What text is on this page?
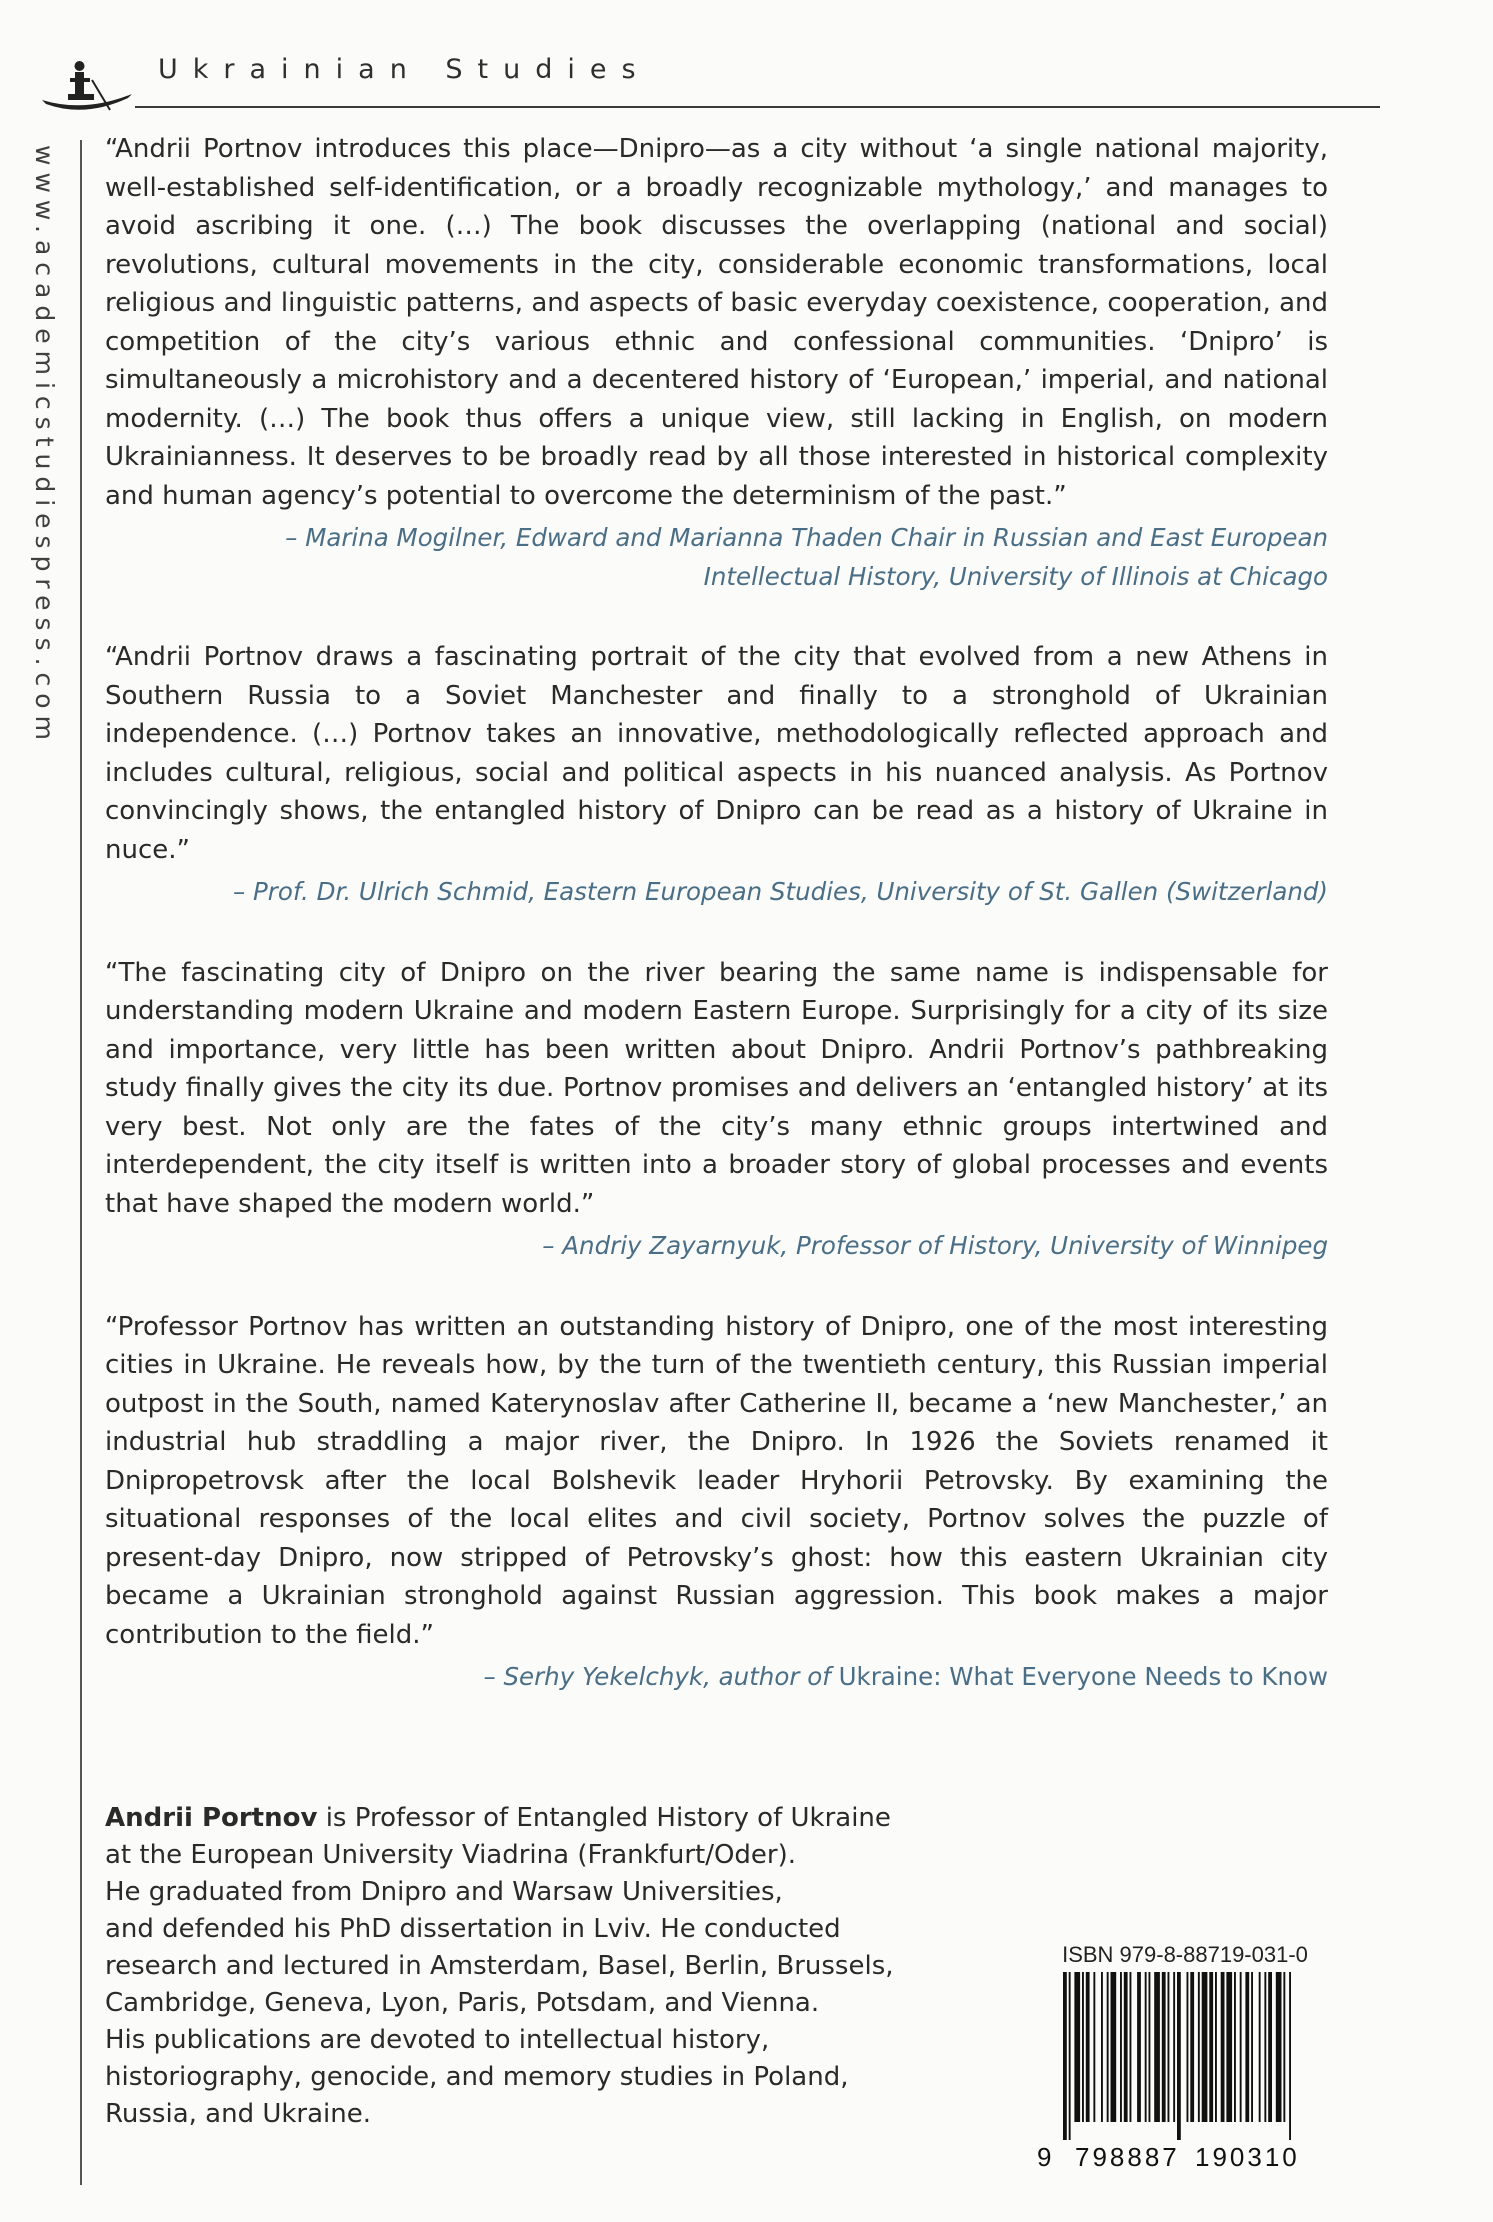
Ukrainian Studies
www.academicstudiespress.com “Andrii Portnov introduces this place—Dnipro—as a city without ‘a single national majority, well-established self-identification, or a broadly recognizable mythology,’ and manages to avoid ascribing it one. (…) The book discusses the overlapping (national and social) revolutions, cultural movements in the city, considerable economic transformations, local religious and linguistic patterns, and aspects of basic everyday coexistence, cooperation, and competition of the city’s various ethnic and confessional communities. ‘Dnipro’ is simultaneously a microhistory and a decentered history of ‘European,’ imperial, and national modernity. (…) The book thus offers a unique view, still lacking in English, on modern Ukrainianness. It deserves to be broadly read by all those interested in historical complexity and human agency’s potential to overcome the determinism of the past.”

– Marina Mogilner, Edward and Marianna Thaden Chair in Russian and East European
Intellectual History, University of Illinois at Chicago

“Andrii Portnov draws a fascinating portrait of the city that evolved from a new Athens in Southern Russia to a Soviet Manchester and finally to a stronghold of Ukrainian independence. (…) Portnov takes an innovative, methodologically reflected approach and includes cultural, religious, social and political aspects in his nuanced analysis. As Portnov convincingly shows, the entangled history of Dnipro can be read as a history of Ukraine in nuce.”

– Prof. Dr. Ulrich Schmid, Eastern European Studies, University of St. Gallen (Switzerland)

“The fascinating city of Dnipro on the river bearing the same name is indispensable for understanding modern Ukraine and modern Eastern Europe. Surprisingly for a city of its size and importance, very little has been written about Dnipro. Andrii Portnov’s pathbreaking study finally gives the city its due. Portnov promises and delivers an ‘entangled history’ at its very best. Not only are the fates of the city’s many ethnic groups intertwined and interdependent, the city itself is written into a broader story of global processes and events that have shaped the modern world.”

– Andriy Zayarnyuk, Professor of History, University of Winnipeg

“Professor Portnov has written an outstanding history of Dnipro, one of the most interesting cities in Ukraine. He reveals how, by the turn of the twentieth century, this Russian imperial outpost in the South, named Katerynoslav after Catherine II, became a ‘new Manchester,’ an industrial hub straddling a major river, the Dnipro. In 1926 the Soviets renamed it Dnipropetrovsk after the local Bolshevik leader Hryhorii Petrovsky. By examining the situational responses of the local elites and civil society, Portnov solves the puzzle of present-day Dnipro, now stripped of Petrovsky’s ghost: how this eastern Ukrainian city became a Ukrainian stronghold against Russian aggression. This book makes a major contribution to the field.”

– Serhy Yekelchyk, author of Ukraine: What Everyone Needs to Know
Andrii Portnov is Professor of Entangled History of Ukraine
at the European University Viadrina (Frankfurt/Oder).
He graduated from Dnipro and Warsaw Universities,
and defended his PhD dissertation in Lviv. He conducted
research and lectured in Amsterdam, Basel, Berlin, Brussels,
Cambridge, Geneva, Lyon, Paris, Potsdam, and Vienna.
His publications are devoted to intellectual history,
historiography, genocide, and memory studies in Poland,
Russia, and Ukraine.
ISBN 979-8-88719-031-0
9 798887 190310
